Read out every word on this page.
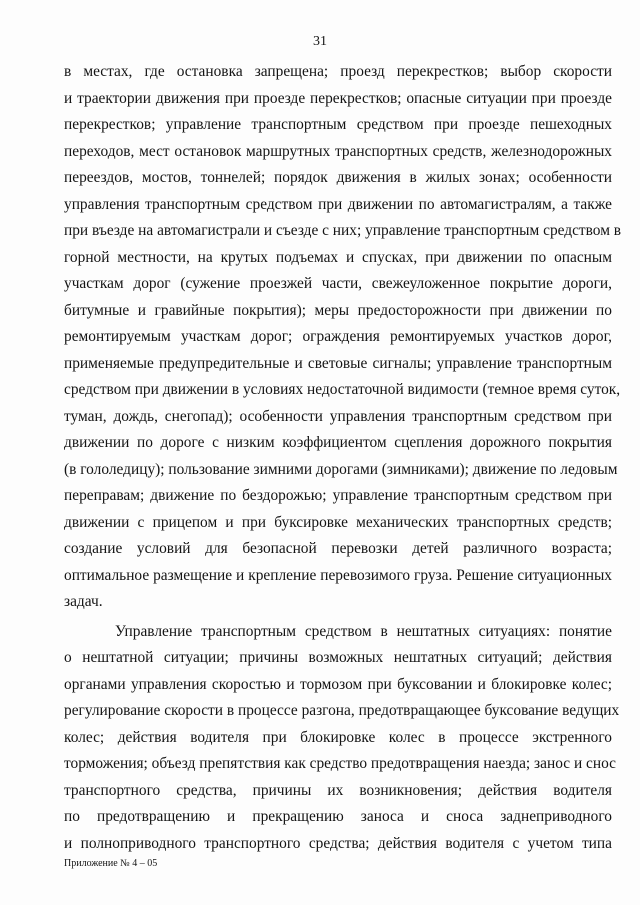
31
в местах, где остановка запрещена; проезд перекрестков; выбор скорости
и траектории движения при проезде перекрестков; опасные ситуации при проезде
перекрестков; управление транспортным средством при проезде пешеходных
переходов, мест остановок маршрутных транспортных средств, железнодорожных
переездов, мостов, тоннелей; порядок движения в жилых зонах; особенности
управления транспортным средством при движении по автомагистралям, а также
при въезде на автомагистрали и съезде с них; управление транспортным средством в
горной местности, на крутых подъемах и спусках, при движении по опасным
участкам дорог (сужение проезжей части, свежеуложенное покрытие дороги,
битумные и гравийные покрытия); меры предосторожности при движении по
ремонтируемым участкам дорог; ограждения ремонтируемых участков дорог,
применяемые предупредительные и световые сигналы; управление транспортным
средством при движении в условиях недостаточной видимости (темное время суток,
туман, дождь, снегопад); особенности управления транспортным средством при
движении по дороге с низким коэффициентом сцепления дорожного покрытия
(в гололедицу); пользование зимними дорогами (зимниками); движение по ледовым
переправам; движение по бездорожью; управление транспортным средством при
движении с прицепом и при буксировке механических транспортных средств;
создание условий для безопасной перевозки детей различного возраста;
оптимальное размещение и крепление перевозимого груза. Решение ситуационных
задач.
Управление транспортным средством в нештатных ситуациях: понятие
о нештатной ситуации; причины возможных нештатных ситуаций; действия
органами управления скоростью и тормозом при буксовании и блокировке колес;
регулирование скорости в процессе разгона, предотвращающее буксование ведущих
колес; действия водителя при блокировке колес в процессе экстренного
торможения; объезд препятствия как средство предотвращения наезда; занос и снос
транспортного средства, причины их возникновения; действия водителя
по предотвращению и прекращению заноса и сноса заднеприводного
и полноприводного транспортного средства; действия водителя с учетом типа
Приложение № 4 – 05
